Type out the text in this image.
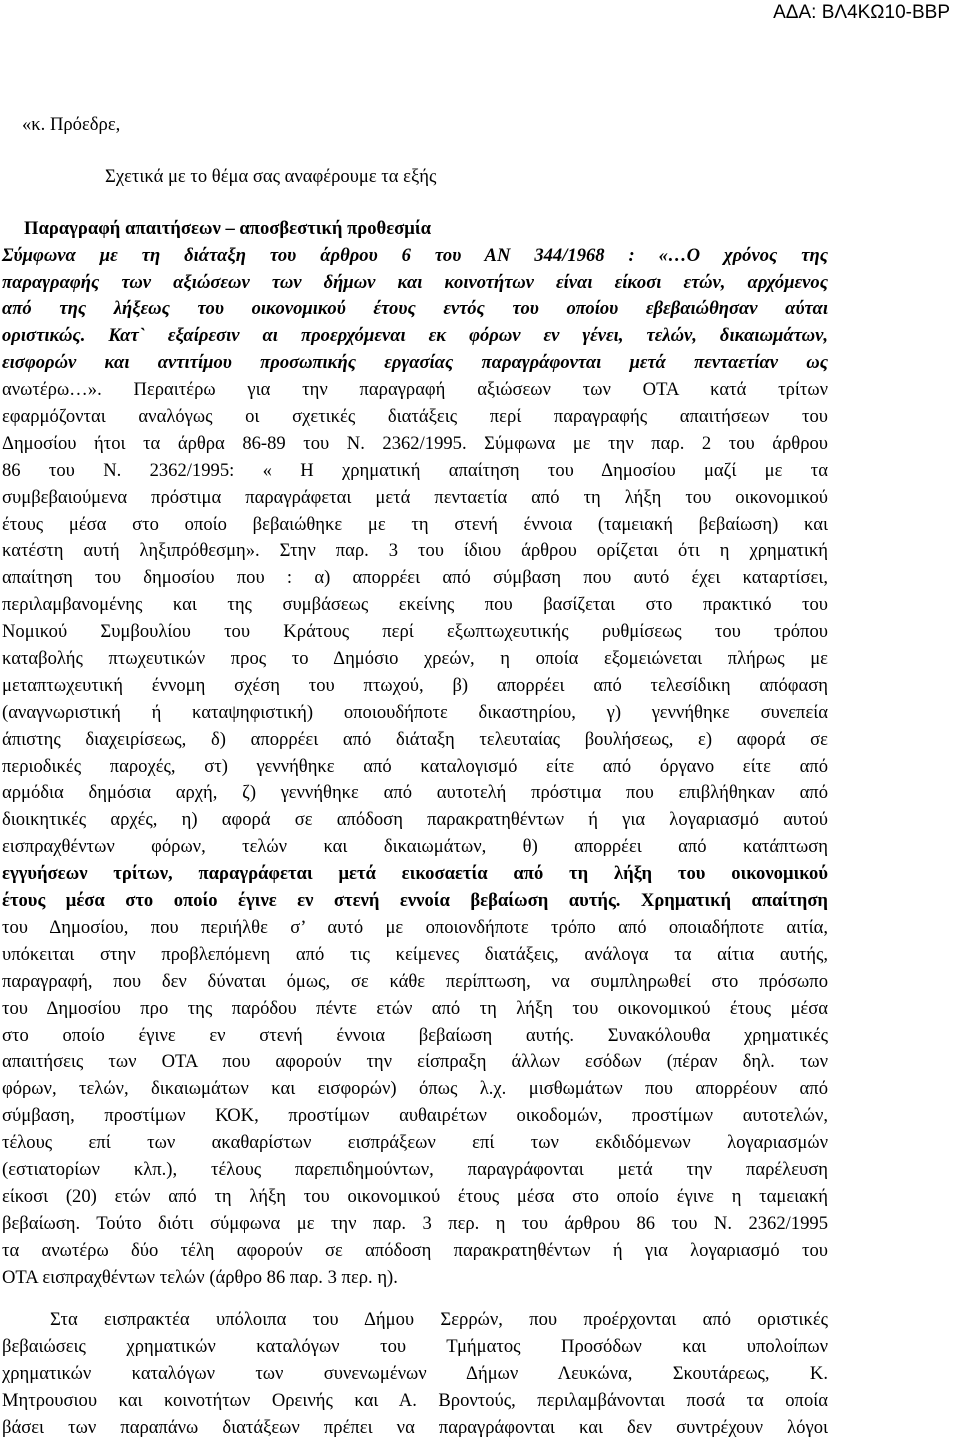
ΑΔΑ: ΒΛ4ΚΩ10-ΒΒΡ
«κ. Πρόεδρε,
Σχετικά με το θέμα σας αναφέρουμε τα εξής
Παραγραφή απαιτήσεων – αποσβεστική προθεσμία
Σύμφωνα με τη διάταξη του άρθρου 6 του ΑΝ 344/1968 : «…Ο χρόνος της
παραγραφής των αξιώσεων των δήμων και κοινοτήτων είναι είκοσι ετών, αρχόμενος
από της λήξεως του οικονομικού έτους εντός του οποίου εβεβαιώθησαν αύται
οριστικώς. Κατ` εξαίρεσιν αι προερχόμεναι εκ φόρων εν γένει, τελών, δικαιωμάτων,
εισφορών και αντιτίμου προσωπικής εργασίας παραγράφονται μετά πενταετίαν ως
ανωτέρω…». Περαιτέρω για την παραγραφή αξιώσεων των ΟΤΑ κατά τρίτων
εφαρμόζονται αναλόγως οι σχετικές διατάξεις περί παραγραφής απαιτήσεων του
Δημοσίου ήτοι τα άρθρα 86-89 του Ν. 2362/1995. Σύμφωνα με την παρ. 2 του άρθρου
86 του Ν. 2362/1995: « Η χρηματική απαίτηση του Δημοσίου μαζί με τα
συμβεβαιούμενα πρόστιμα παραγράφεται μετά πενταετία από τη λήξη του οικονομικού
έτους μέσα στο οποίο βεβαιώθηκε με τη στενή έννοια (ταμειακή βεβαίωση) και
κατέστη αυτή ληξιπρόθεσμη». Στην παρ. 3 του ίδιου άρθρου ορίζεται ότι η χρηματική
απαίτηση του δημοσίου που : α) απορρέει από σύμβαση που αυτό έχει καταρτίσει,
περιλαμβανομένης και της συμβάσεως εκείνης που βασίζεται στο πρακτικό του
Νομικού Συμβουλίου του Κράτους περί εξωπτωχευτικής ρυθμίσεως του τρόπου
καταβολής πτωχευτικών προς το Δημόσιο χρεών, η οποία εξομειώνεται πλήρως με
μεταπτωχευτική έννομη σχέση του πτωχού, β) απορρέει από τελεσίδικη απόφαση
(αναγνωριστική ή καταψηφιστική) οποιουδήποτε δικαστηρίου, γ) γεννήθηκε συνεπεία
άπιστης διαχειρίσεως, δ) απορρέει από διάταξη τελευταίας βουλήσεως, ε) αφορά σε
περιοδικές παροχές, στ) γεννήθηκε από καταλογισμό είτε από όργανο είτε από
αρμόδια δημόσια αρχή, ζ) γεννήθηκε από αυτοτελή πρόστιμα που επιβλήθηκαν από
διοικητικές αρχές, η) αφορά σε απόδοση παρακρατηθέντων ή για λογαριασμό αυτού
εισπραχθέντων φόρων, τελών και δικαιωμάτων, θ) απορρέει από κατάπτωση
εγγυήσεων τρίτων, παραγράφεται μετά εικοσαετία από τη λήξη του οικονομικού
έτους μέσα στο οποίο έγινε εν στενή εννοία βεβαίωση αυτής. Χρηματική απαίτηση
του Δημοσίου, που περιήλθε σ’ αυτό με οποιονδήποτε τρόπο από οποιαδήποτε αιτία,
υπόκειται στην προβλεπόμενη από τις κείμενες διατάξεις, ανάλογα τα αίτια αυτής,
παραγραφή, που δεν δύναται όμως, σε κάθε περίπτωση, να συμπληρωθεί στο πρόσωπο
του Δημοσίου προ της παρόδου πέντε ετών από τη λήξη του οικονομικού έτους μέσα
στο οποίο έγινε εν στενή έννοια βεβαίωση αυτής. Συνακόλουθα χρηματικές
απαιτήσεις των ΟΤΑ που αφορούν την είσπραξη άλλων εσόδων (πέραν δηλ. των
φόρων, τελών, δικαιωμάτων και εισφορών) όπως λ.χ. μισθωμάτων που απορρέουν από
σύμβαση, προστίμων ΚΟΚ, προστίμων αυθαιρέτων οικοδομών, προστίμων αυτοτελών,
τέλους επί των ακαθαρίστων εισπράξεων επί των εκδιδόμενων λογαριασμών
(εστιατορίων κλπ.), τέλους παρεπιδημούντων, παραγράφονται μετά την παρέλευση
είκοσι (20) ετών από τη λήξη του οικονομικού έτους μέσα στο οποίο έγινε η ταμειακή
βεβαίωση. Τούτο διότι σύμφωνα με την παρ. 3 περ. η του άρθρου 86 του Ν. 2362/1995
τα ανωτέρω δύο τέλη αφορούν σε απόδοση παρακρατηθέντων ή για λογαριασμό του
ΟΤΑ εισπραχθέντων τελών (άρθρο 86 παρ. 3 περ. η).
Στα εισπρακτέα υπόλοιπα του Δήμου Σερρών, που προέρχονται από οριστικές
βεβαιώσεις χρηματικών καταλόγων του Τμήματος Προσόδων και υπολοίπων
χρηματικών καταλόγων των συνενωμένων Δήμων Λευκώνα, Σκουτάρεως, Κ.
Μητρουσιου και κοινοτήτων Ορεινής και Α. Βροντούς, περιλαμβάνονται ποσά τα οποία
βάσει των παραπάνω διατάξεων πρέπει να παραγράφονται και δεν συντρέχουν λόγοι
